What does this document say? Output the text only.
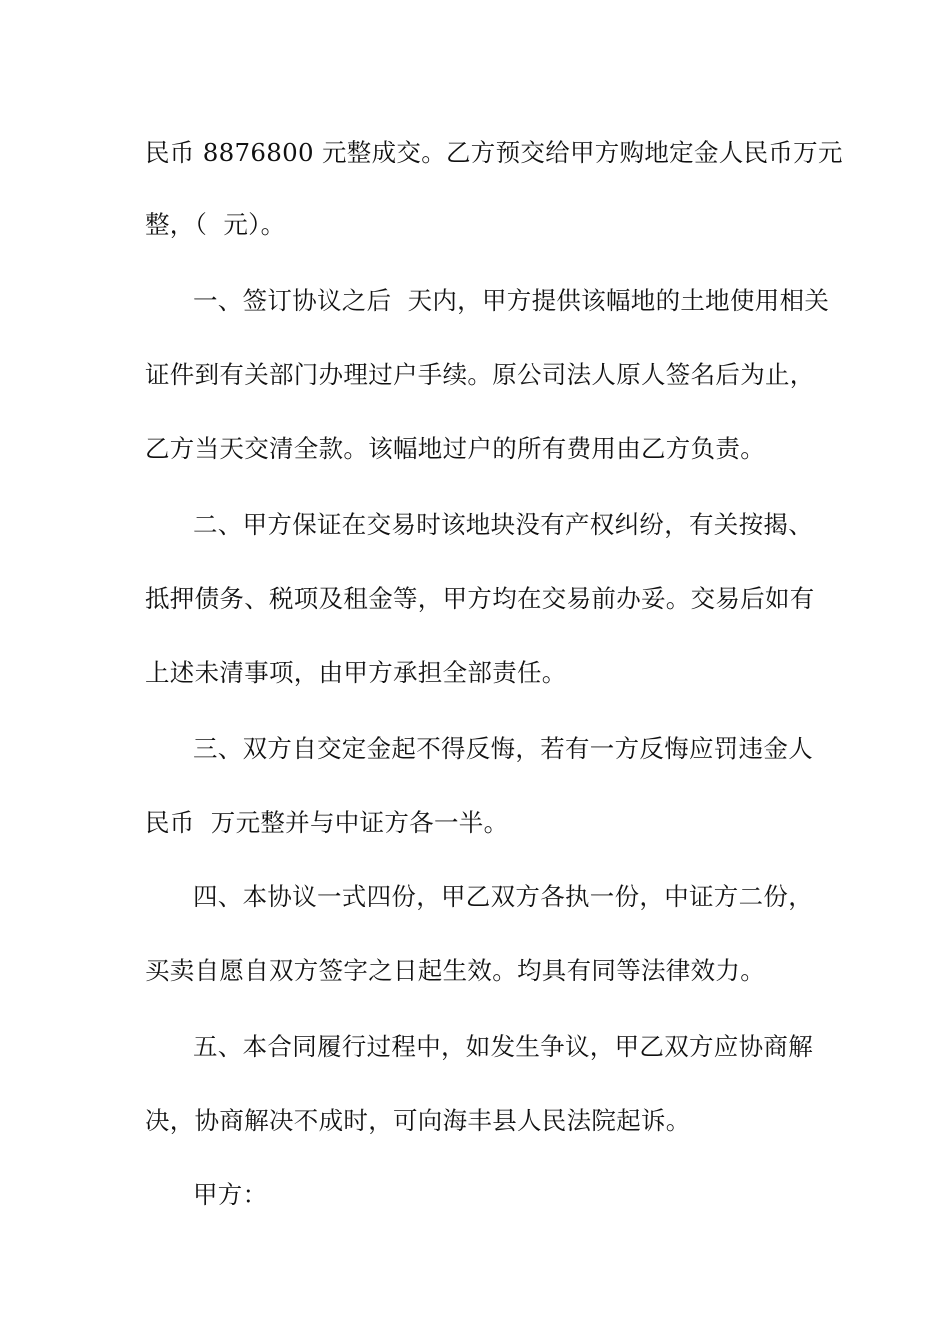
民币 8876800 元整成交。乙方预交给甲方购地定金人民币万元
整，（  元）。
一、签订协议之后  天内，甲方提供该幅地的土地使用相关
证件到有关部门办理过户手续。原公司法人原人签名后为止，
乙方当天交清全款。该幅地过户的所有费用由乙方负责。
二、甲方保证在交易时该地块没有产权纠纷，有关按揭、
抵押债务、税项及租金等，甲方均在交易前办妥。交易后如有
上述未清事项，由甲方承担全部责任。
三、双方自交定金起不得反悔，若有一方反悔应罚违金人
民币  万元整并与中证方各一半。
四、本协议一式四份，甲乙双方各执一份，中证方二份，
买卖自愿自双方签字之日起生效。均具有同等法律效力。
五、本合同履行过程中，如发生争议，甲乙双方应协商解
决，协商解决不成时，可向海丰县人民法院起诉。
甲方：
